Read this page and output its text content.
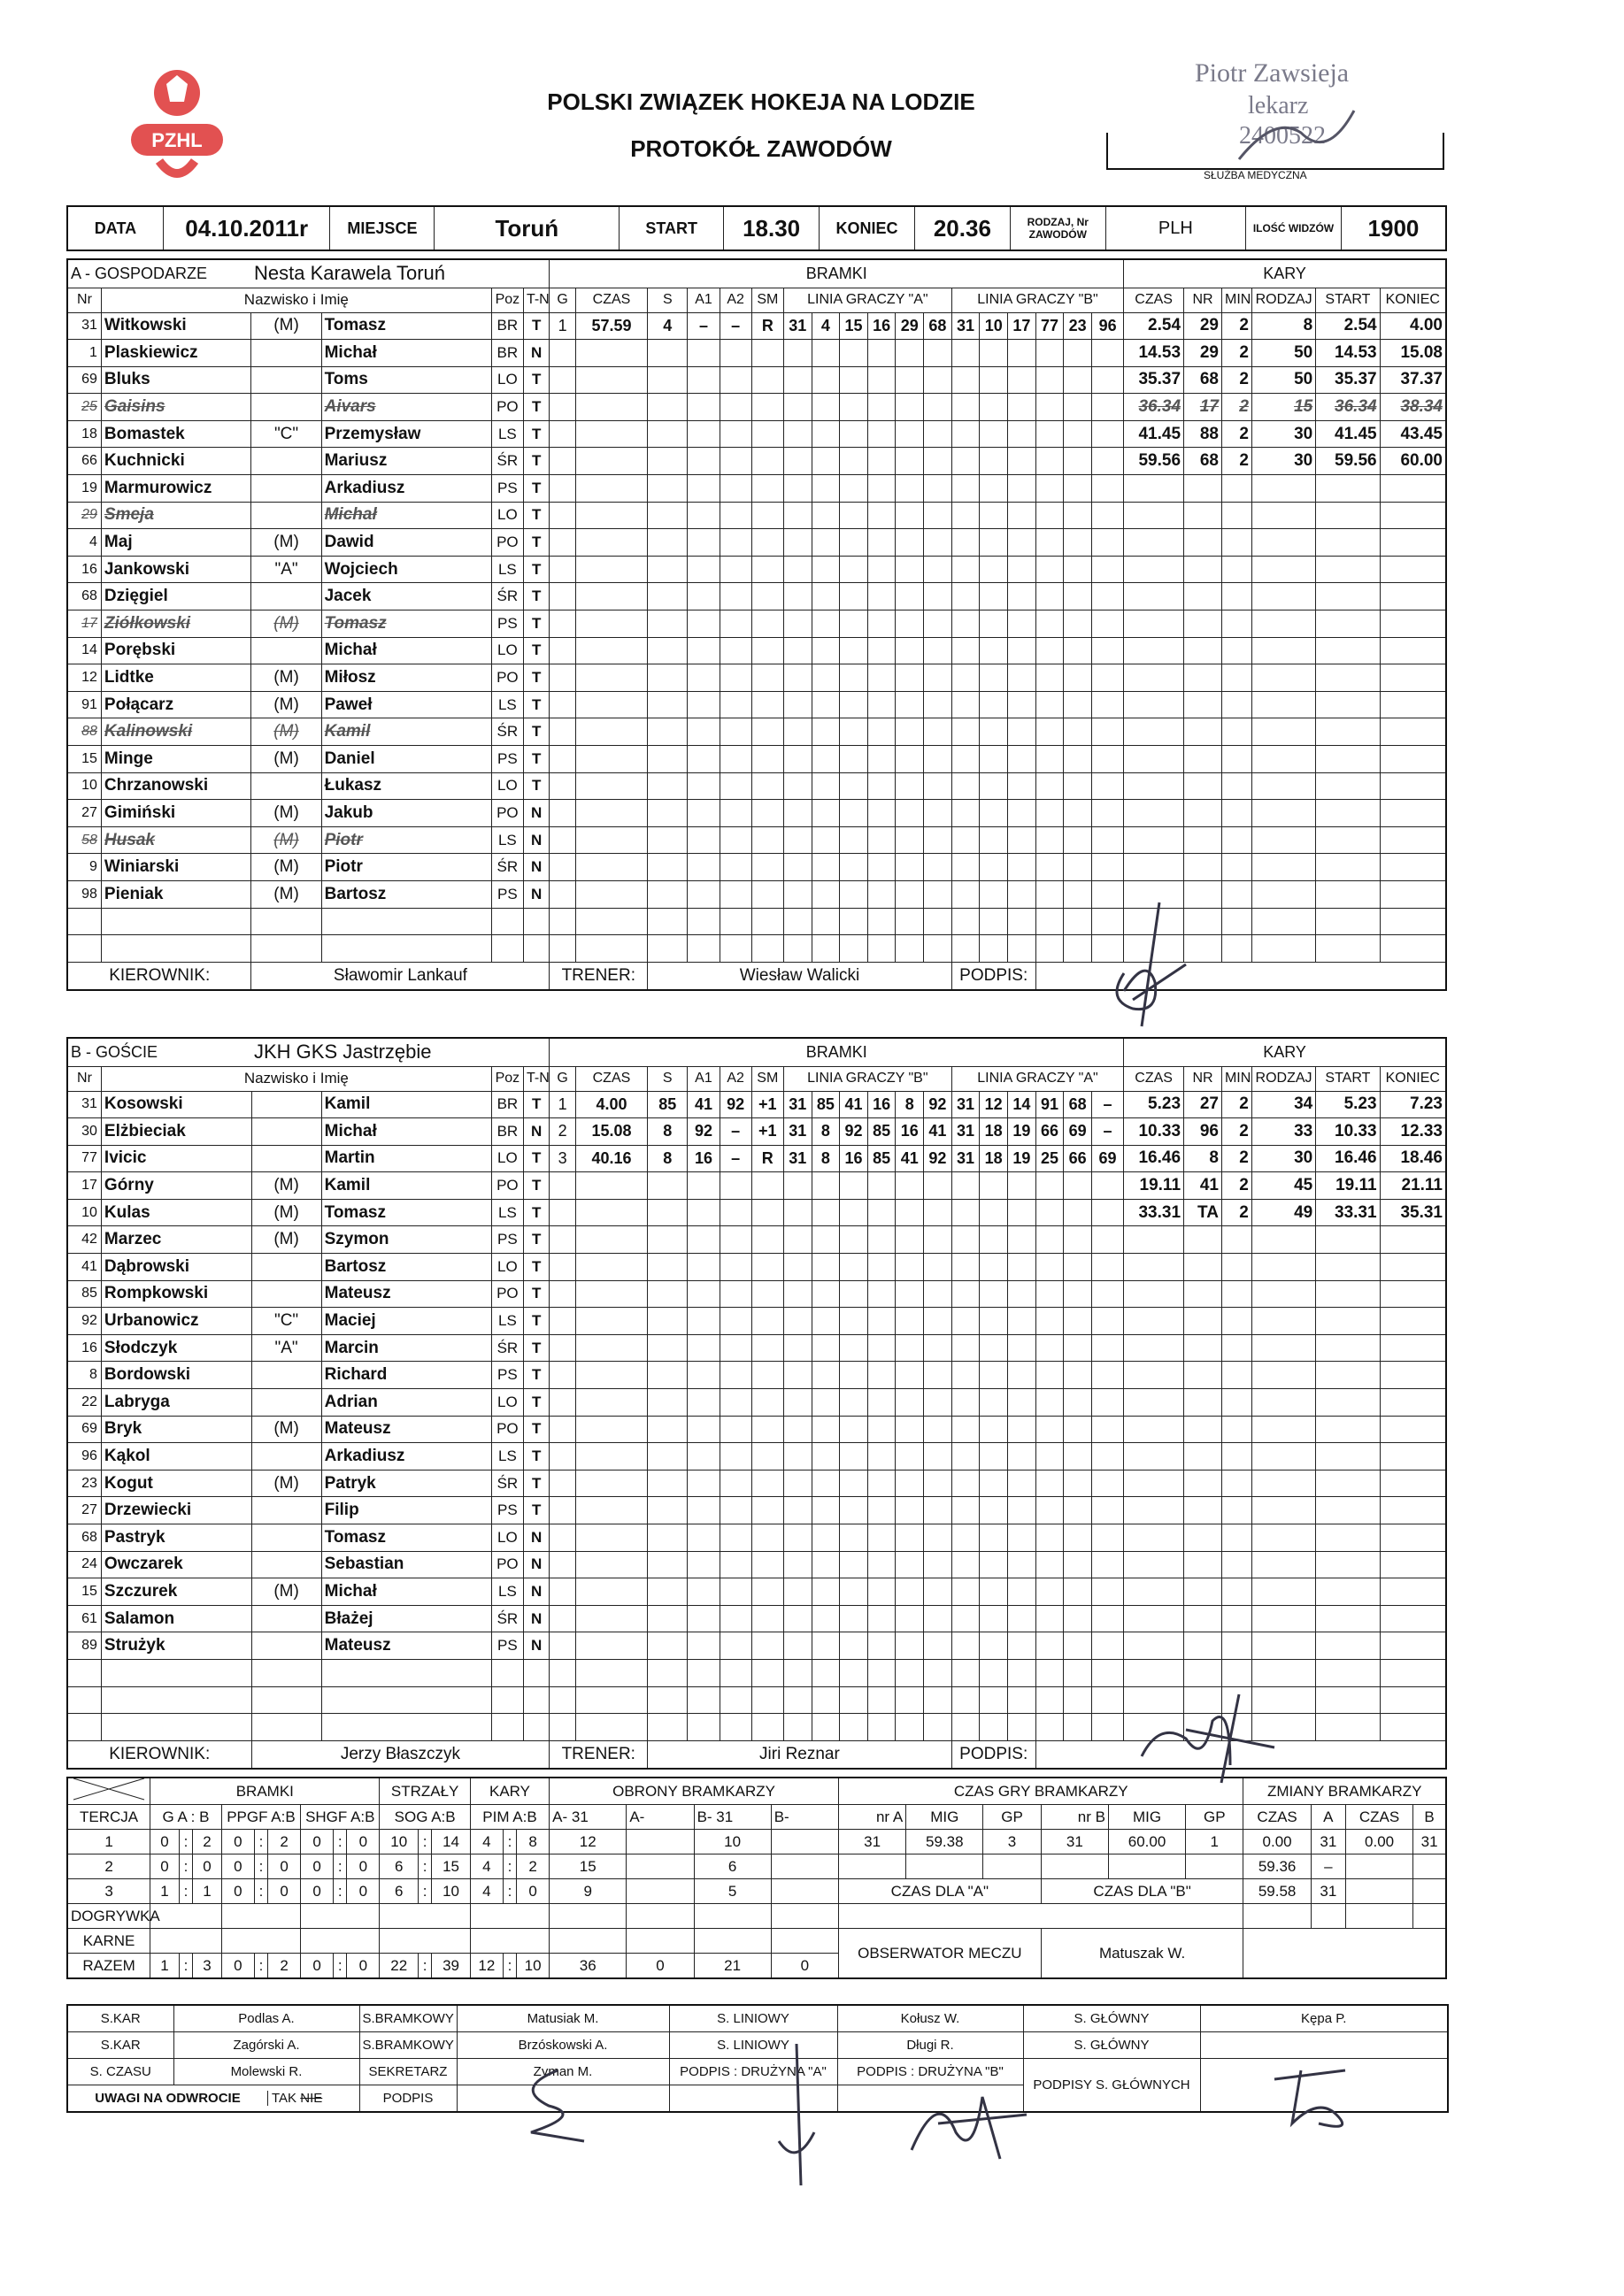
PZHL
POLSKI ZWIĄZEK HOKEJA NA LODZIE
PROTOKÓŁ ZAWODÓW
Piotr Zawsieja
lekarz
2400522
SŁUŻBA MEDYCZNA
DATA	04.10.2011r	MIEJSCE	Toruń	START	18.30	KONIEC	20.36	RODZAJ, Nr ZAWODÓW	PLH	ILOŚĆ WIDZÓW	1900
A - GOSPODARZE		Nesta Karawela Toruń				BRAMKI																		KARY					
Nr	Nazwisko i Imię			Poz	T-N	G	CZAS	S	A1	A2	SM	LINIA GRACZY "A"						LINIA GRACZY "B"						CZAS	NR	MIN	RODZAJ	START	KONIEC
31	Witkowski	(M)	Tomasz	BR	T	1	57.59	4	–	–	R	31	4	15	16	29	68	31	10	17	77	23	96	2.54	29	2	8	2.54	4.00
1	Plaskiewicz		Michał	BR	N																			14.53	29	2	50	14.53	15.08
69	Bluks		Toms	LO	T																			35.37	68	2	50	35.37	37.37
25	Gaisins		Aivars	PO	T																			36.34	17	2	15	36.34	38.34
18	Bomastek	"C"	Przemysław	LS	T																			41.45	88	2	30	41.45	43.45
66	Kuchnicki		Mariusz	ŚR	T																			59.56	68	2	30	59.56	60.00
19	Marmurowicz		Arkadiusz	PS	T																								
29	Smeja		Michał	LO	T																								
4	Maj	(M)	Dawid	PO	T																								
16	Jankowski	"A"	Wojciech	LS	T																								
68	Dzięgiel		Jacek	ŚR	T																								
17	Ziółkowski	(M)	Tomasz	PS	T																								
14	Porębski		Michał	LO	T																								
12	Lidtke	(M)	Miłosz	PO	T																								
91	Połącarz	(M)	Paweł	LS	T																								
88	Kalinowski	(M)	Kamil	ŚR	T																								
15	Minge	(M)	Daniel	PS	T																								
10	Chrzanowski		Łukasz	LO	T																								
27	Gimiński	(M)	Jakub	PO	N																								
58	Husak	(M)	Piotr	LS	N																								
9	Winiarski	(M)	Piotr	ŚR	N																								
98	Pieniak	(M)	Bartosz	PS	N																								

KIEROWNIK:		Sławomir Lankauf				TRENER:		Wiesław Walicki										PODPIS:											
B - GOŚCIE		JKH GKS Jastrzębie				BRAMKI																		KARY					
Nr	Nazwisko i Imię			Poz	T-N	G	CZAS	S	A1	A2	SM	LINIA GRACZY "B"						LINIA GRACZY "A"						CZAS	NR	MIN	RODZAJ	START	KONIEC
31	Kosowski		Kamil	BR	T	1	4.00	85	41	92	+1	31	85	41	16	8	92	31	12	14	91	68	–	5.23	27	2	34	5.23	7.23
30	Elżbieciak		Michał	BR	N	2	15.08	8	92	–	+1	31	8	92	85	16	41	31	18	19	66	69	–	10.33	96	2	33	10.33	12.33
77	Ivicic		Martin	LO	T	3	40.16	8	16	–	R	31	8	16	85	41	92	31	18	19	25	66	69	16.46	8	2	30	16.46	18.46
17	Górny	(M)	Kamil	PO	T																			19.11	41	2	45	19.11	21.11
10	Kulas	(M)	Tomasz	LS	T																			33.31	TA	2	49	33.31	35.31
42	Marzec	(M)	Szymon	PS	T																								
41	Dąbrowski		Bartosz	LO	T																								
85	Rompkowski		Mateusz	PO	T																								
92	Urbanowicz	"C"	Maciej	LS	T																								
16	Słodczyk	"A"	Marcin	ŚR	T																								
8	Bordowski		Richard	PS	T																								
22	Labryga		Adrian	LO	T																								
69	Bryk	(M)	Mateusz	PO	T																								
96	Kąkol		Arkadiusz	LS	T																								
23	Kogut	(M)	Patryk	ŚR	T																								
27	Drzewiecki		Filip	PS	T																								
68	Pastryk		Tomasz	LO	N																								
24	Owczarek		Sebastian	PO	N																								
15	Szczurek	(M)	Michał	LS	N																								
61	Salamon		Błażej	ŚR	N																								
89	Strużyk		Mateusz	PS	N																								

KIEROWNIK:		Jerzy Błaszczyk				TRENER:		Jiri Reznar										PODPIS:											
	BRAMKI									STRZAŁY			KARY			OBRONY BRAMKARZY				CZAS GRY BRAMKARZY						ZMIANY BRAMKARZY			
TERCJA	G A : B			PPGF A:B			SHGF A:B			SOG A:B			PIM A:B			A- 31	A-	B- 31	B-	nr A	MIG	GP	nr B	MIG	GP	CZAS	A	CZAS	B
1	0	:	2	0	:	2	0	:	0	10	:	14	4	:	8	12		10		31	59.38	3	31	60.00	1	0.00	31	0.00	31
2	0	:	0	0	:	0	0	:	0	6	:	15	4	:	2	15		6								59.36	–		
3	1	:	1	0	:	0	0	:	0	6	:	10	4	:	0	9		5		CZAS DLA "A"			CZAS DLA "B"			59.58	31		
DOGRYWKA																													
KARNE																				OBSERWATOR MECZU			Matuszak W.						
RAZEM	1	:	3	0	:	2	0	:	0	22	:	39	12	:	10	36	0	21	0										
S.KAR	Podlas A.	S.BRAMKOWY	Matusiak M.	S. LINIOWY	Kołusz W.	S. GŁÓWNY	Kępa P.
S.KAR	Zagórski A.	S.BRAMKOWY	Brzóskowski A.	S. LINIOWY	Długi R.	S. GŁÓWNY	
S. CZASU	Molewski R.	SEKRETARZ	Zyman M.	PODPIS : DRUŻYNA "A"	PODPIS : DRUŻYNA "B"	PODPISY S. GŁÓWNYCH	
UWAGI NA ODWROCIE TAK NIE		PODPIS					
